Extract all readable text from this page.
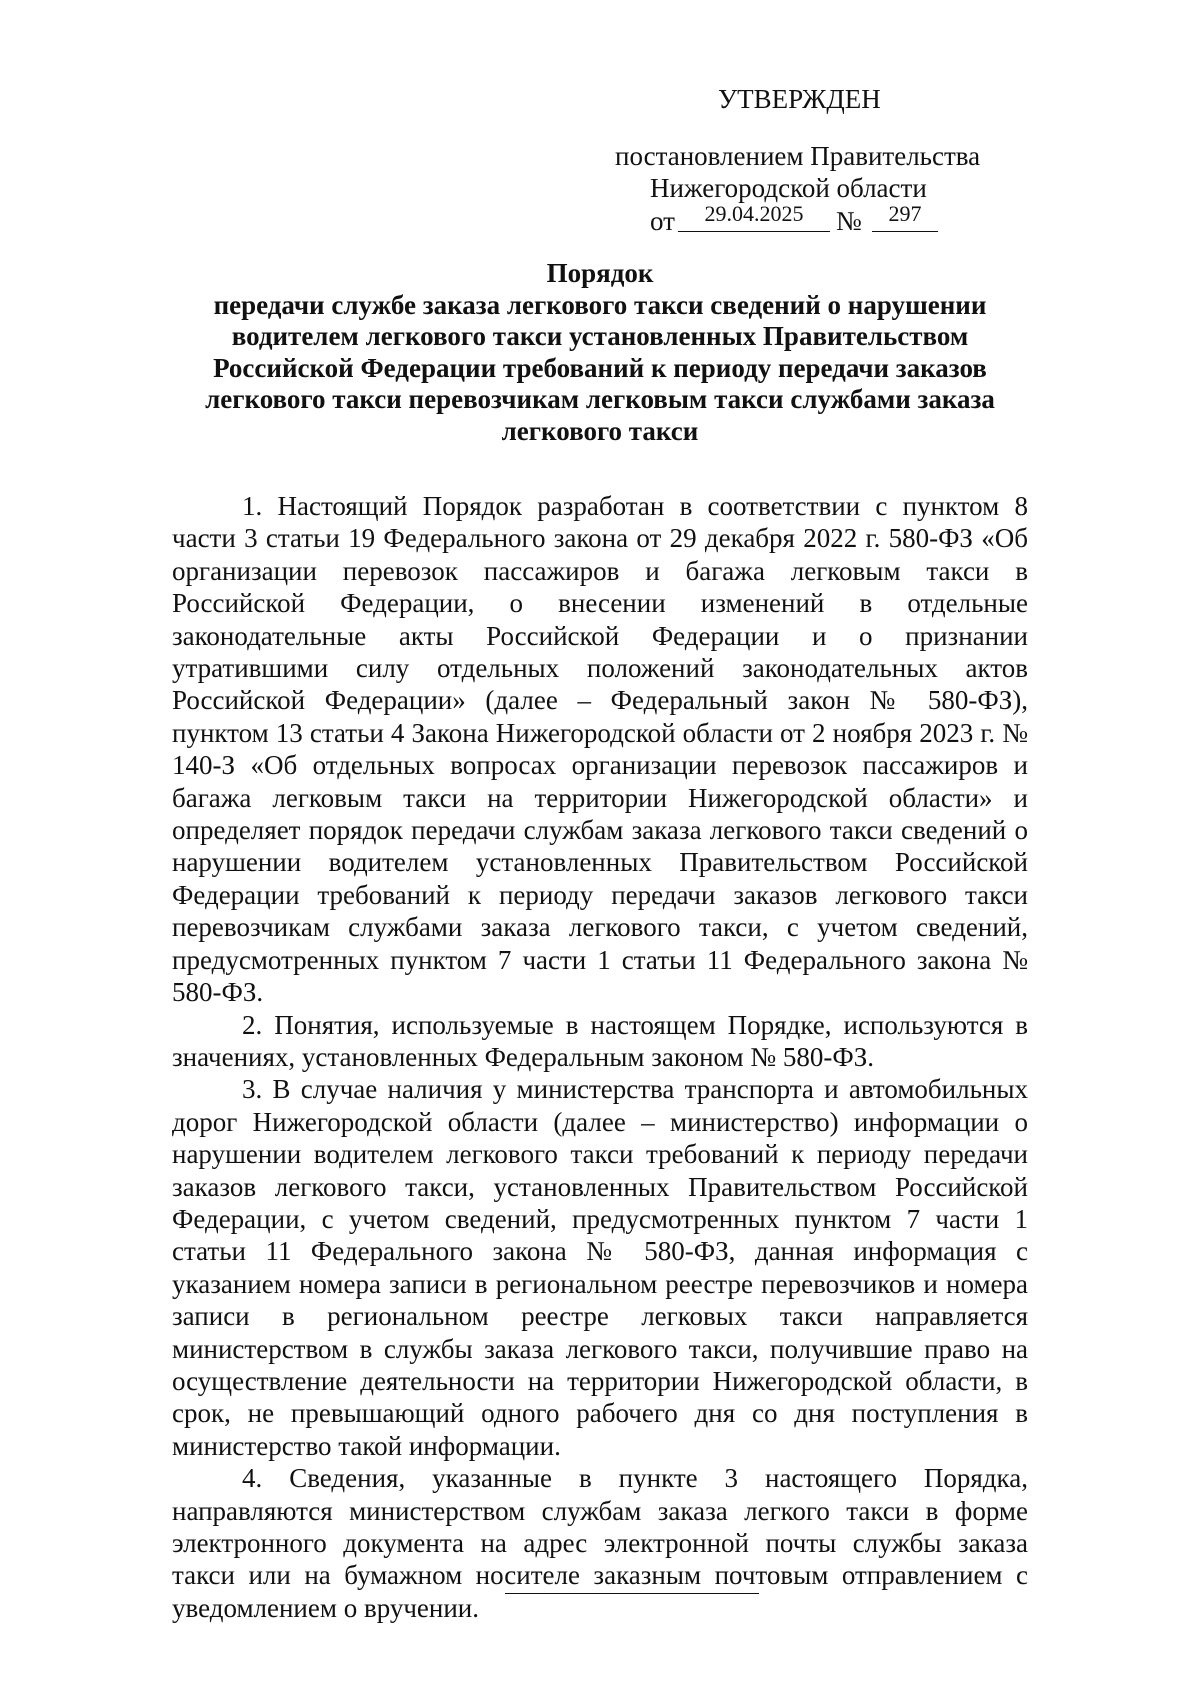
УТВЕРЖДЕН
постановлением Правительства
Нижегородской области
от	29.04.2025	№	297
Порядок
передачи службе заказа легкового такси сведений о нарушении
водителем легкового такси установленных Правительством
Российской Федерации требований к периоду передачи заказов
легкового такси перевозчикам легковым такси службами заказа
легкового такси

1. Настоящий Порядок разработан в соответствии с пунктом 8 части 3 статьи 19 Федерального закона от 29 декабря 2022 г. 580-ФЗ «Об организации перевозок пассажиров и багажа легковым такси в Российской Федерации, о внесении изменений в отдельные законодательные акты Российской Федерации и о признании утратившими силу отдельных положений законодательных актов Российской Федерации» (далее – Федеральный закон № 580-ФЗ), пунктом 13 статьи 4 Закона Нижегородской области от 2 ноября 2023 г. № 140-З «Об отдельных вопросах организации перевозок пассажиров и багажа легковым такси на территории Нижегородской области» и определяет порядок передачи службам заказа легкового такси сведений о нарушении водителем установленных Правительством Российской Федерации требований к периоду передачи заказов легкового такси перевозчикам службами заказа легкового такси, с учетом сведений, предусмотренных пунктом 7 части 1 статьи 11 Федерального закона № 580-ФЗ.

2. Понятия, используемые в настоящем Порядке, используются в значениях, установленных Федеральным законом № 580-ФЗ.

3. В случае наличия у министерства транспорта и автомобильных дорог Нижегородской области (далее – министерство) информации о нарушении водителем легкового такси требований к периоду передачи заказов легкового такси, установленных Правительством Российской Федерации, с учетом сведений, предусмотренных пунктом 7 части 1 статьи 11 Федерального закона № 580-ФЗ, данная информация с указанием номера записи в региональном реестре перевозчиков и номера записи в региональном реестре легковых такси направляется министерством в службы заказа легкового такси, получившие право на осуществление деятельности на территории Нижегородской области, в срок, не превышающий одного рабочего дня со дня поступления в министерство такой информации.

4. Сведения, указанные в пункте 3 настоящего Порядка, направляются министерством службам заказа легкого такси в форме электронного документа на адрес электронной почты службы заказа такси или на бумажном носителе заказным почтовым отправлением с уведомлением о вручении.
